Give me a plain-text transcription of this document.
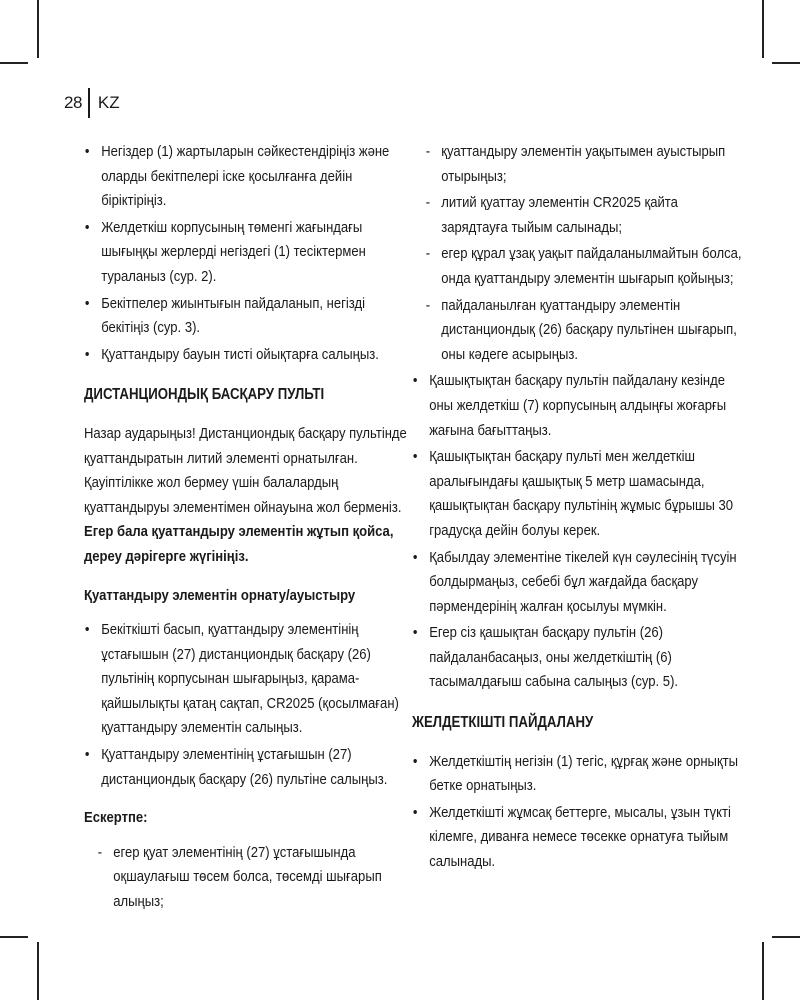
28 KZ
• Негіздер (1) жартыларын сәйкестендіріңіз және оларды бекітпелері іске қосылғанға дейін біріктіріңіз.
• Желдеткіш корпусының төменгі жағындағы шығыңқы жерлерді негіздегі (1) тесіктермен тураланыз (сур. 2).
• Бекітпелер жиынтығын пайдаланып, негізді бекітіңіз (сур. 3).
• Қуаттандыру бауын тисті ойықтарға салыңыз.
ДИСТАНЦИОНДЫҚ БАСҚАРУ ПУЛЬТІ

Назар аударыңыз! Дистанциондық басқару пультінде қуаттандыратын литий элементі орнатылған. Қауіптілікке жол бермеу үшін балалардың қуаттандыруы элементімен ойнауына жол берменіз. Егер бала қуаттандыру элементін жұтып қойса, дереу дәрігерге жүгініңіз.

Қуаттандыру элементін орнату/ауыстыру
• Бекіткішті басып, қуаттандыру элементінің ұстағышын (27) дистанциондық басқару (26) пультінің корпусынан шығарыңыз, қарама-қайшылықты қатаң сақтап, CR2025 (қосылмаған) қуаттандыру элементін салыңыз.
• Қуаттандыру элементінің ұстағышын (27) дистанциондық басқару (26) пультіне салыңыз.
Ескертпе:
- егер қуат элементінің (27) ұстағышында оқшаулағыш төсем болса, төсемді шығарып алыңыз;
- қуаттандыру элементін уақытымен ауыстырып отырыңыз;
- литий қуаттау элементін CR2025 қайта зарядтауға тыйым салынады;
- егер құрал ұзақ уақыт пайдаланылмайтын болса, онда қуаттандыру элементін шығарып қойыңыз;
- пайдаланылған қуаттандыру элементін дистанциондық (26) басқару пультінен шығарып, оны кәдеге асырыңыз.
• Қашықтықтан басқару пультін пайдалану кезінде оны желдеткіш (7) корпусының алдыңғы жоғарғы жағына бағыттаңыз.
• Қашықтықтан басқару пульті мен желдеткіш аралығындағы қашықтық 5 метр шамасында, қашықтықтан басқару пультінің жұмыс бұрышы 30 градусқа дейін болуы керек.
• Қабылдау элементіне тікелей күн сәулесінің түсуін болдырмаңыз, себебі бұл жағдайда басқару пәрмендерінің жалған қосылуы мүмкін.
• Егер сіз қашықтан басқару пультін (26) пайдаланбасаңыз, оны желдеткіштің (6) тасымалдағыш сабына салыңыз (сур. 5).
ЖЕЛДЕТКІШТІ ПАЙДАЛАНУ
• Желдеткіштің негізін (1) тегіс, құрғақ және орнықты бетке орнатыңыз.
• Желдеткішті жұмсақ беттерге, мысалы, ұзын түкті кілемге, диванға немесе төсекке орнатуға тыйым салынады.
